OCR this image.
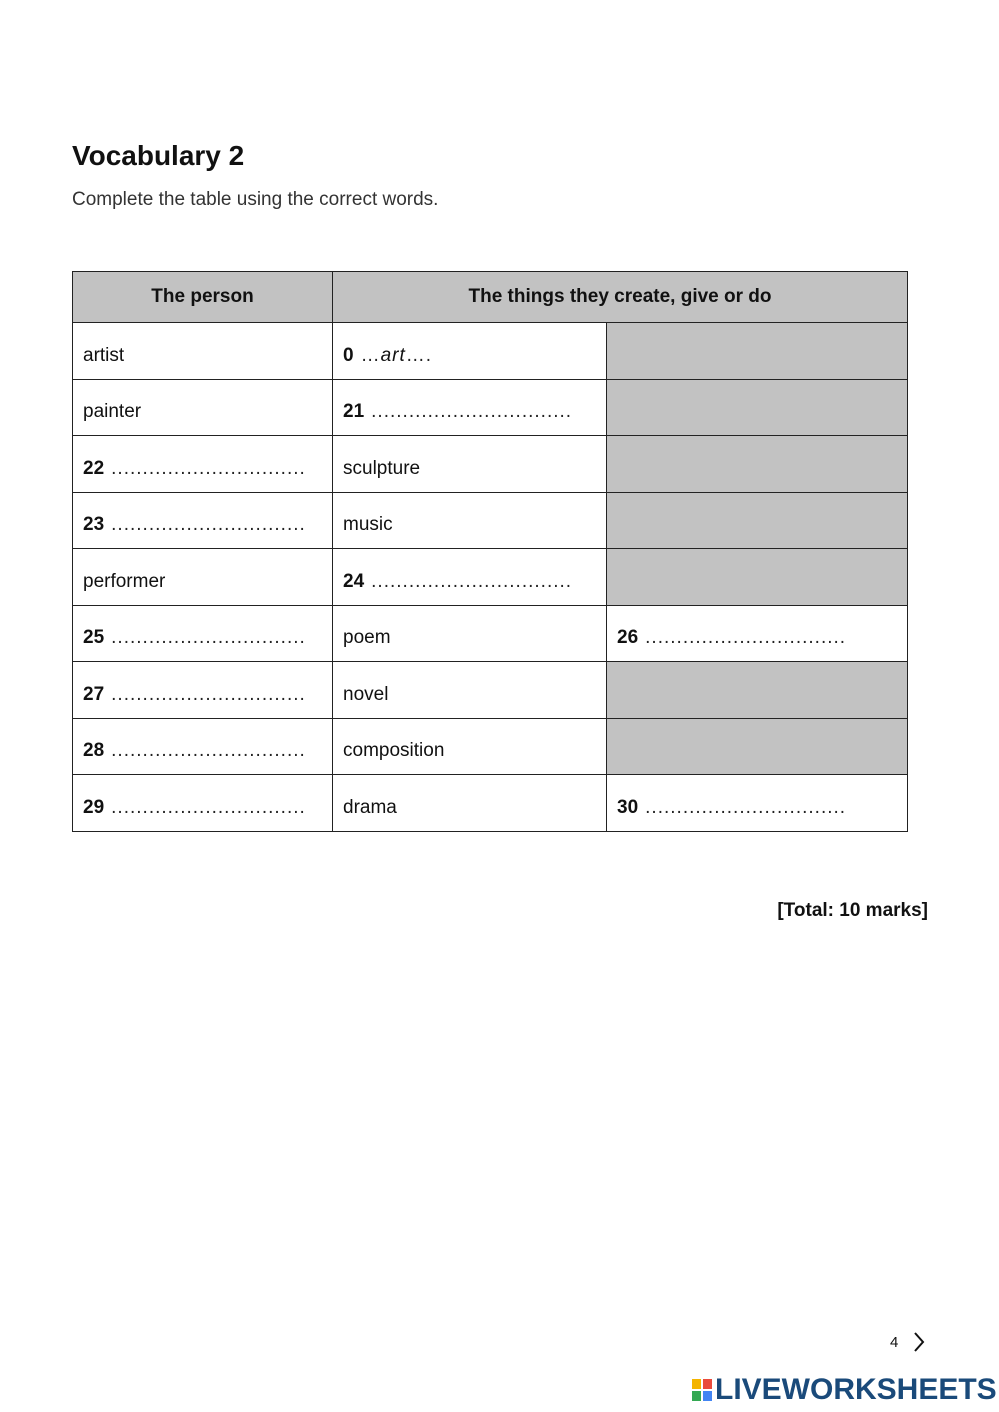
Vocabulary 2

Complete the table using the correct words.

The person	The things they create, give or do	
artist	0 …art….	
painter	21 ................................	
22 ...............................	sculpture	
23 ...............................	music	
performer	24 ................................	
25 ...............................	poem	26 ................................
27 ...............................	novel	
28 ...............................	composition	
29 ...............................	drama	30 ................................
[Total: 10 marks]
4
LIVEWORKSHEETS
